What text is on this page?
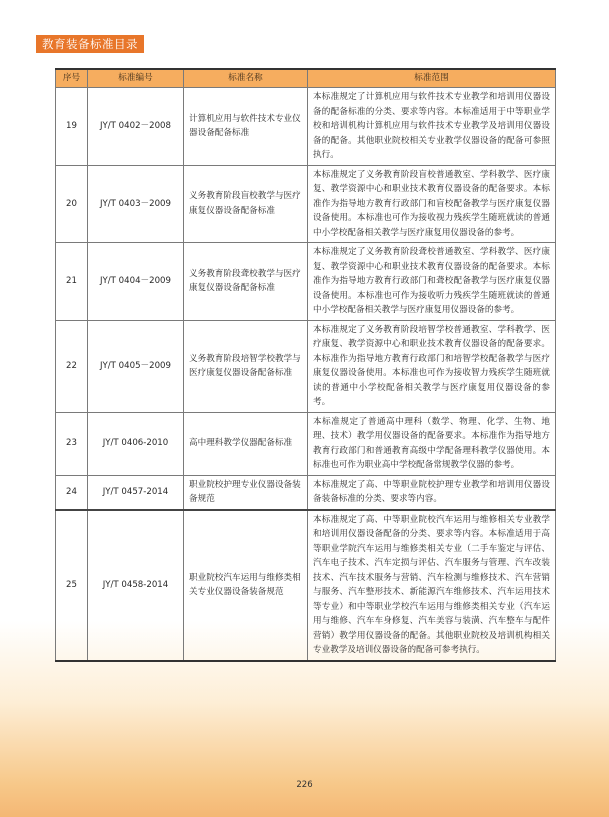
教育装备标准目录
序号	标准编号	标准名称	标准范围
19	JY/T 0402－2008	计算机应用与软件技术专业仪器设备配备标准	本标准规定了计算机应用与软件技术专业教学和培训用仪器设备的配备标准的分类、要求等内容。本标准适用于中等职业学校和培训机构计算机应用与软件技术专业教学及培训用仪器设备的配备。其他职业院校相关专业教学仪器设备的配备可参照执行。
20	JY/T 0403－2009	义务教育阶段盲校教学与医疗康复仪器设备配备标准	本标准规定了义务教育阶段盲校普通教室、学科教学、医疗康复、教学资源中心和职业技术教育仪器设备的配备要求。本标准作为指导地方教育行政部门和盲校配备教学与医疗康复仪器设备使用。本标准也可作为接收视力残疾学生随班就读的普通中小学校配备相关教学与医疗康复用仪器设备的参考。
21	JY/T 0404－2009	义务教育阶段聋校教学与医疗康复仪器设备配备标准	本标准规定了义务教育阶段聋校普通教室、学科教学、医疗康复、教学资源中心和职业技术教育仪器设备的配备要求。本标准作为指导地方教育行政部门和聋校配备教学与医疗康复仪器设备使用。本标准也可作为接收听力残疾学生随班就读的普通中小学校配备相关教学与医疗康复用仪器设备的参考。
22	JY/T 0405－2009	义务教育阶段培智学校教学与医疗康复仪器设备配备标准	本标准规定了义务教育阶段培智学校普通教室、学科教学、医疗康复、教学资源中心和职业技术教育仪器设备的配备要求。本标准作为指导地方教育行政部门和培智学校配备教学与医疗康复仪器设备使用。本标准也可作为接收智力残疾学生随班就读的普通中小学校配备相关教学与医疗康复用仪器设备的参考。
23	JY/T 0406-2010	高中理科教学仪器配备标准	本标准规定了普通高中理科（数学、物理、化学、生物、地理、技术）教学用仪器设备的配备要求。本标准作为指导地方教育行政部门和普通教育高级中学配备理科教学仪器使用。本标准也可作为职业高中学校配备常规教学仪器的参考。
24	JY/T 0457-2014	职业院校护理专业仪器设备装备规范	本标准规定了高、中等职业院校护理专业教学和培训用仪器设备装备标准的分类、要求等内容。
25	JY/T 0458-2014	职业院校汽车运用与维修类相关专业仪器设备装备规范	本标准规定了高、中等职业院校汽车运用与维修相关专业教学和培训用仪器设备配备的分类、要求等内容。本标准适用于高等职业学院汽车运用与维修类相关专业（二手车鉴定与评估、汽车电子技术、汽车定损与评估、汽车服务与管理、汽车改装技术、汽车技术服务与营销、汽车检测与维修技术、汽车营销与服务、汽车整形技术、新能源汽车维修技术、汽车运用技术等专业）和中等职业学校汽车运用与维修类相关专业（汽车运用与维修、汽车车身修复、汽车美容与装潢、汽车整车与配件营销）教学用仪器设备的配备。其他职业院校及培训机构相关专业教学及培训仪器设备的配备可参考执行。
226
